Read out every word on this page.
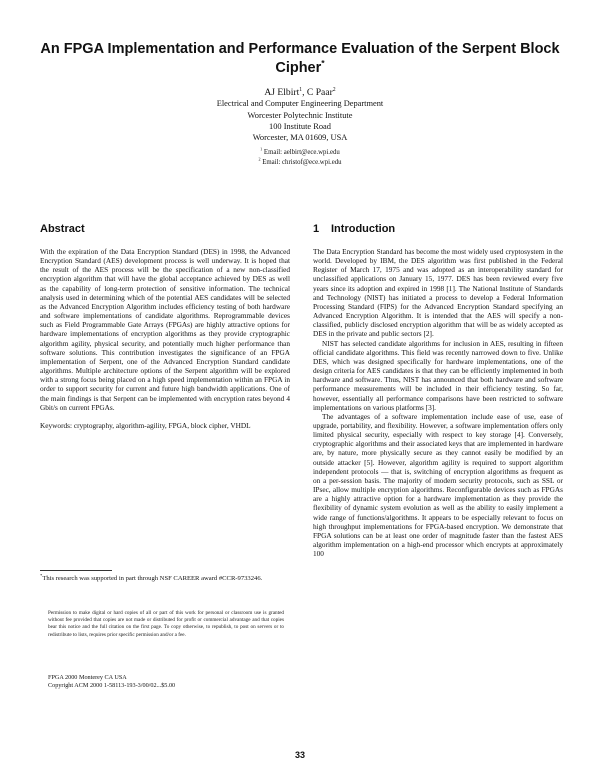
An FPGA Implementation and Performance Evaluation of the Serpent Block
Cipher*
AJ Elbirt$^1$, C Paar$^2$
Electrical and Computer Engineering Department
Worcester Polytechnic Institute
100 Institute Road
Worcester, MA 01609, USA
$^1$ Email: aelbirt@ece.wpi.edu
$^2$ Email: christof@ece.wpi.edu
Abstract

With the expiration of the Data Encryption Standard (DES) in 1998, the Advanced Encryption Standard (AES) development process is well underway. It is hoped that the result of the AES process will be the specification of a new non-classified encryption algorithm that will have the global acceptance achieved by DES as well as the capability of long-term protection of sensitive information. The technical analysis used in determining which of the potential AES candidates will be selected as the Advanced Encryption Algorithm includes efficiency testing of both hardware and software implementations of candidate algorithms. Reprogrammable devices such as Field Programmable Gate Arrays (FPGAs) are highly attractive options for hardware implementations of encryption algorithms as they provide cryptographic algorithm agility, physical security, and potentially much higher performance than software solutions. This contribution investigates the significance of an FPGA implementation of Serpent, one of the Advanced Encryption Standard candidate algorithms. Multiple architecture options of the Serpent algorithm will be explored with a strong focus being placed on a high speed implementation within an FPGA in order to support security for current and future high bandwidth applications. One of the main findings is that Serpent can be implemented with encryption rates beyond 4 Gbit/s on current FPGAs.

Keywords: cryptography, algorithm-agility, FPGA, block cipher, VHDL

1 Introduction

The Data Encryption Standard has become the most widely used cryptosystem in the world. Developed by IBM, the DES algorithm was first published in the Federal Register of March 17, 1975 and was adopted as an interoperability standard for unclassified applications on January 15, 1977. DES has been reviewed every five years since its adoption and expired in 1998 [1]. The National Institute of Standards and Technology (NIST) has initiated a process to develop a Federal Information Processing Standard (FIPS) for the Advanced Encryption Standard specifying an Advanced Encryption Algorithm. It is intended that the AES will specify a non-classified, publicly disclosed encryption algorithm that will be as widely accepted as DES in the private and public sectors [2].

NIST has selected candidate algorithms for inclusion in AES, resulting in fifteen official candidate algorithms. This field was recently narrowed down to five. Unlike DES, which was designed specifically for hardware implementations, one of the design criteria for AES candidates is that they can be efficiently implemented in both hardware and software. Thus, NIST has announced that both hardware and software performance measurements will be included in their efficiency testing. So far, however, essentially all performance comparisons have been restricted to software implementations on various platforms [3].

The advantages of a software implementation include ease of use, ease of upgrade, portability, and flexibility. However, a software implementation offers only limited physical security, especially with respect to key storage [4]. Conversely, cryptographic algorithms and their associated keys that are implemented in hardware are, by nature, more physically secure as they cannot easily be modified by an outside attacker [5]. However, algorithm agility is required to support algorithm independent protocols — that is, switching of encryption algorithms as frequent as on a per-session basis. The majority of modern security protocols, such as SSL or IPsec, allow multiple encryption algorithms. Reconfigurable devices such as FPGAs are a highly attractive option for a hardware implementation as they provide the flexibility of dynamic system evolution as well as the ability to easily implement a wide range of functions/algorithms. It appears to be especially relevant to focus on high throughput implementations for FPGA-based encryption. We demonstrate that FPGA solutions can be at least one order of magnitude faster than the fastest AES algorithm implementation on a high-end processor which encrypts at approximately 100

*This research was supported in part through NSF CAREER award #CCR-9733246.
Permission to make digital or hard copies of all or part of this work for personal or classroom use is granted without fee provided that copies are not made or distributed for profit or commercial advantage and that copies bear this notice and the full citation on the first page. To copy otherwise, to republish, to post on servers or to redistribute to lists, requires prior specific permission and/or a fee.
FPGA 2000 Monterey CA USA
Copyright ACM 2000 1-58113-193-3/00/02...$5.00
33
